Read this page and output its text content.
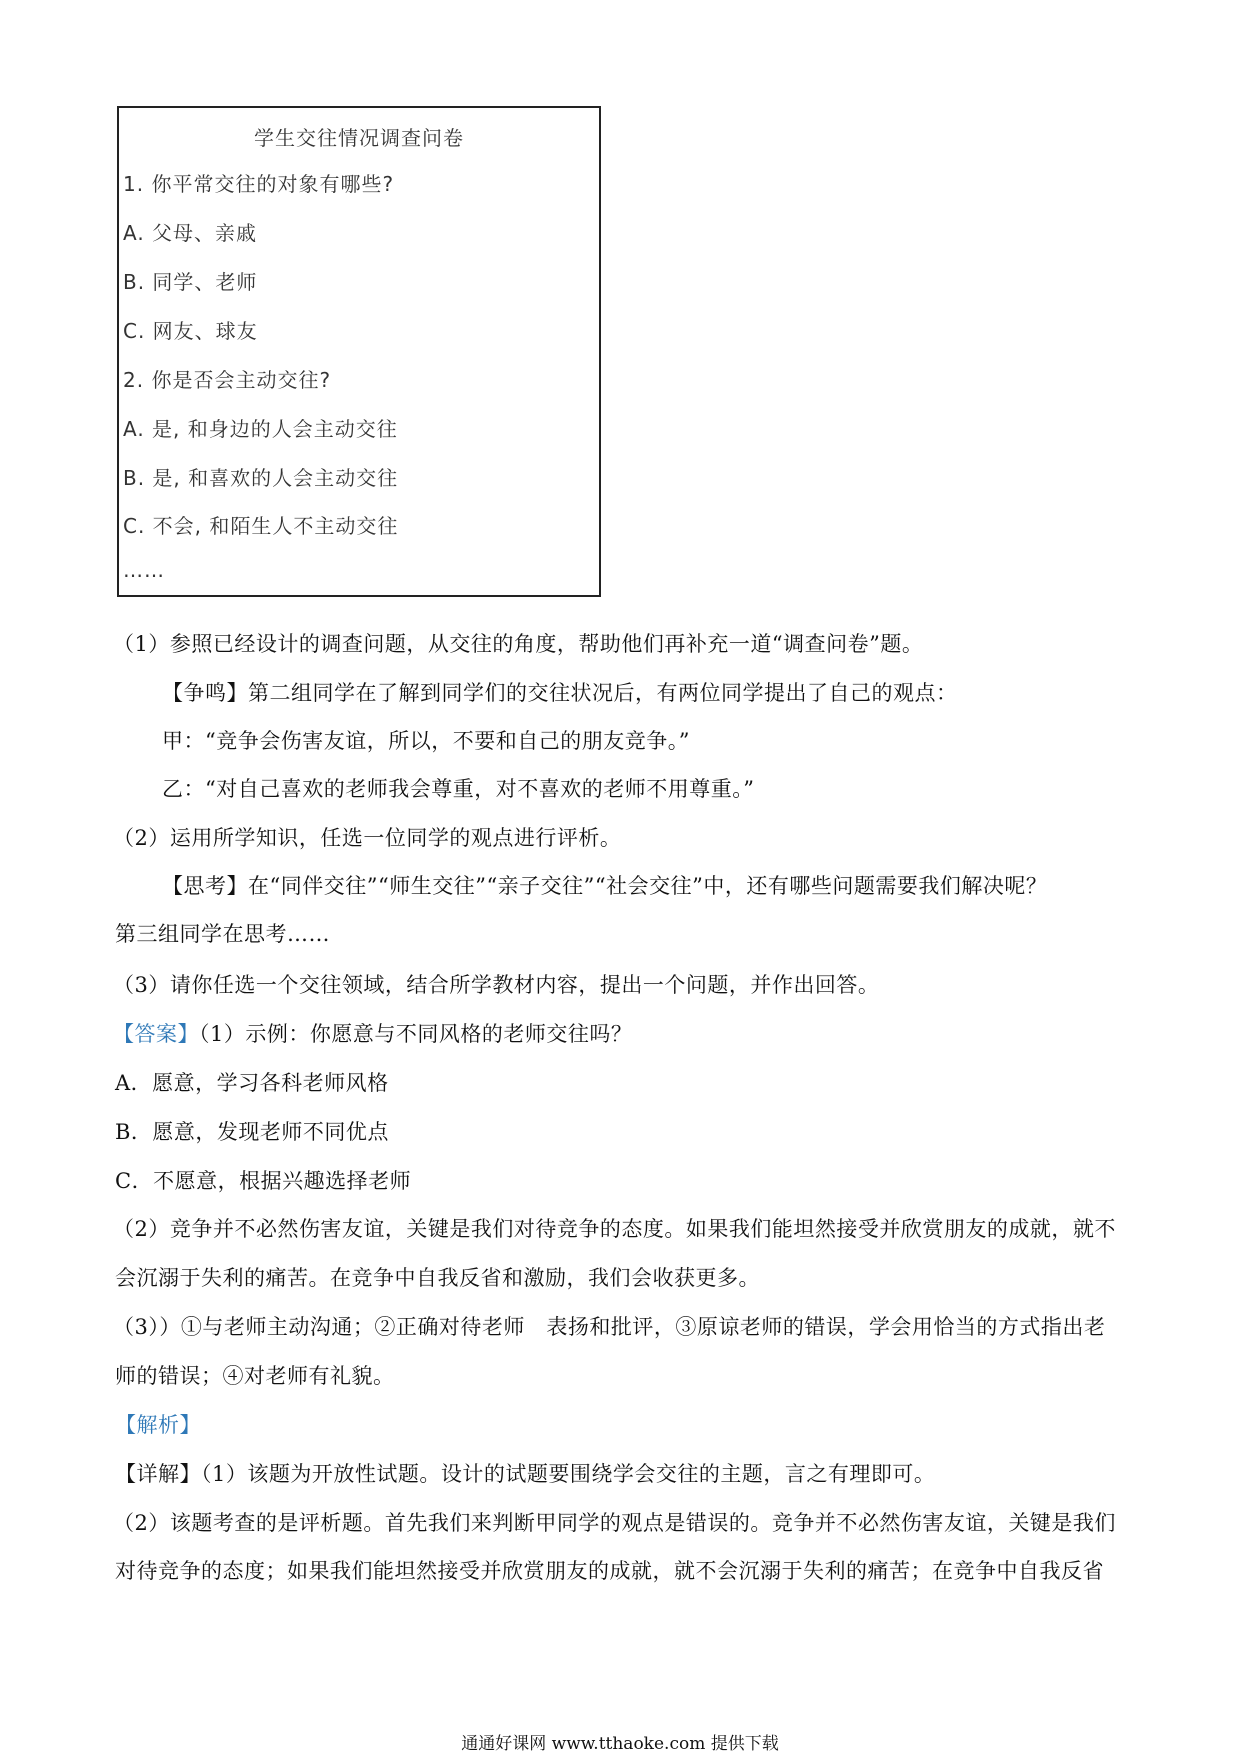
学生交往情况调查问卷
1. 你平常交往的对象有哪些?
A. 父母、亲戚
B. 同学、老师
C. 网友、球友
2. 你是否会主动交往?
A. 是, 和身边的人会主动交往
B. 是, 和喜欢的人会主动交往
C. 不会, 和陌生人不主动交往
……
（1）参照已经设计的调查问题，从交往的角度，帮助他们再补充一道“调查问卷”题。
【争鸣】第二组同学在了解到同学们的交往状况后，有两位同学提出了自己的观点：
甲：“竞争会伤害友谊，所以，不要和自己的朋友竞争。”
乙：“对自己喜欢的老师我会尊重，对不喜欢的老师不用尊重。”
（2）运用所学知识，任选一位同学的观点进行评析。
【思考】在“同伴交往”“师生交往”“亲子交往”“社会交往”中，还有哪些问题需要我们解决呢？
第三组同学在思考……
（3）请你任选一个交往领域，结合所学教材内容，提出一个问题，并作出回答。
【答案】（1）示例：你愿意与不同风格的老师交往吗？
A．愿意，学习各科老师风格
B．愿意，发现老师不同优点
C．不愿意，根据兴趣选择老师
（2）竞争并不必然伤害友谊，关键是我们对待竞争的态度。如果我们能坦然接受并欣赏朋友的成就，就不
会沉溺于失利的痛苦。在竞争中自我反省和激励，我们会收获更多。
（3））①与老师主动沟通；②正确对待老师　表扬和批评，③原谅老师的错误，学会用恰当的方式指出老
师的错误；④对老师有礼貌。
【解析】
【详解】（1）该题为开放性试题。设计的试题要围绕学会交往的主题，言之有理即可。
（2）该题考查的是评析题。首先我们来判断甲同学的观点是错误的。竞争并不必然伤害友谊，关键是我们
对待竞争的态度；如果我们能坦然接受并欣赏朋友的成就，就不会沉溺于失利的痛苦；在竞争中自我反省
通通好课网 www.tthaoke.com 提供下载
